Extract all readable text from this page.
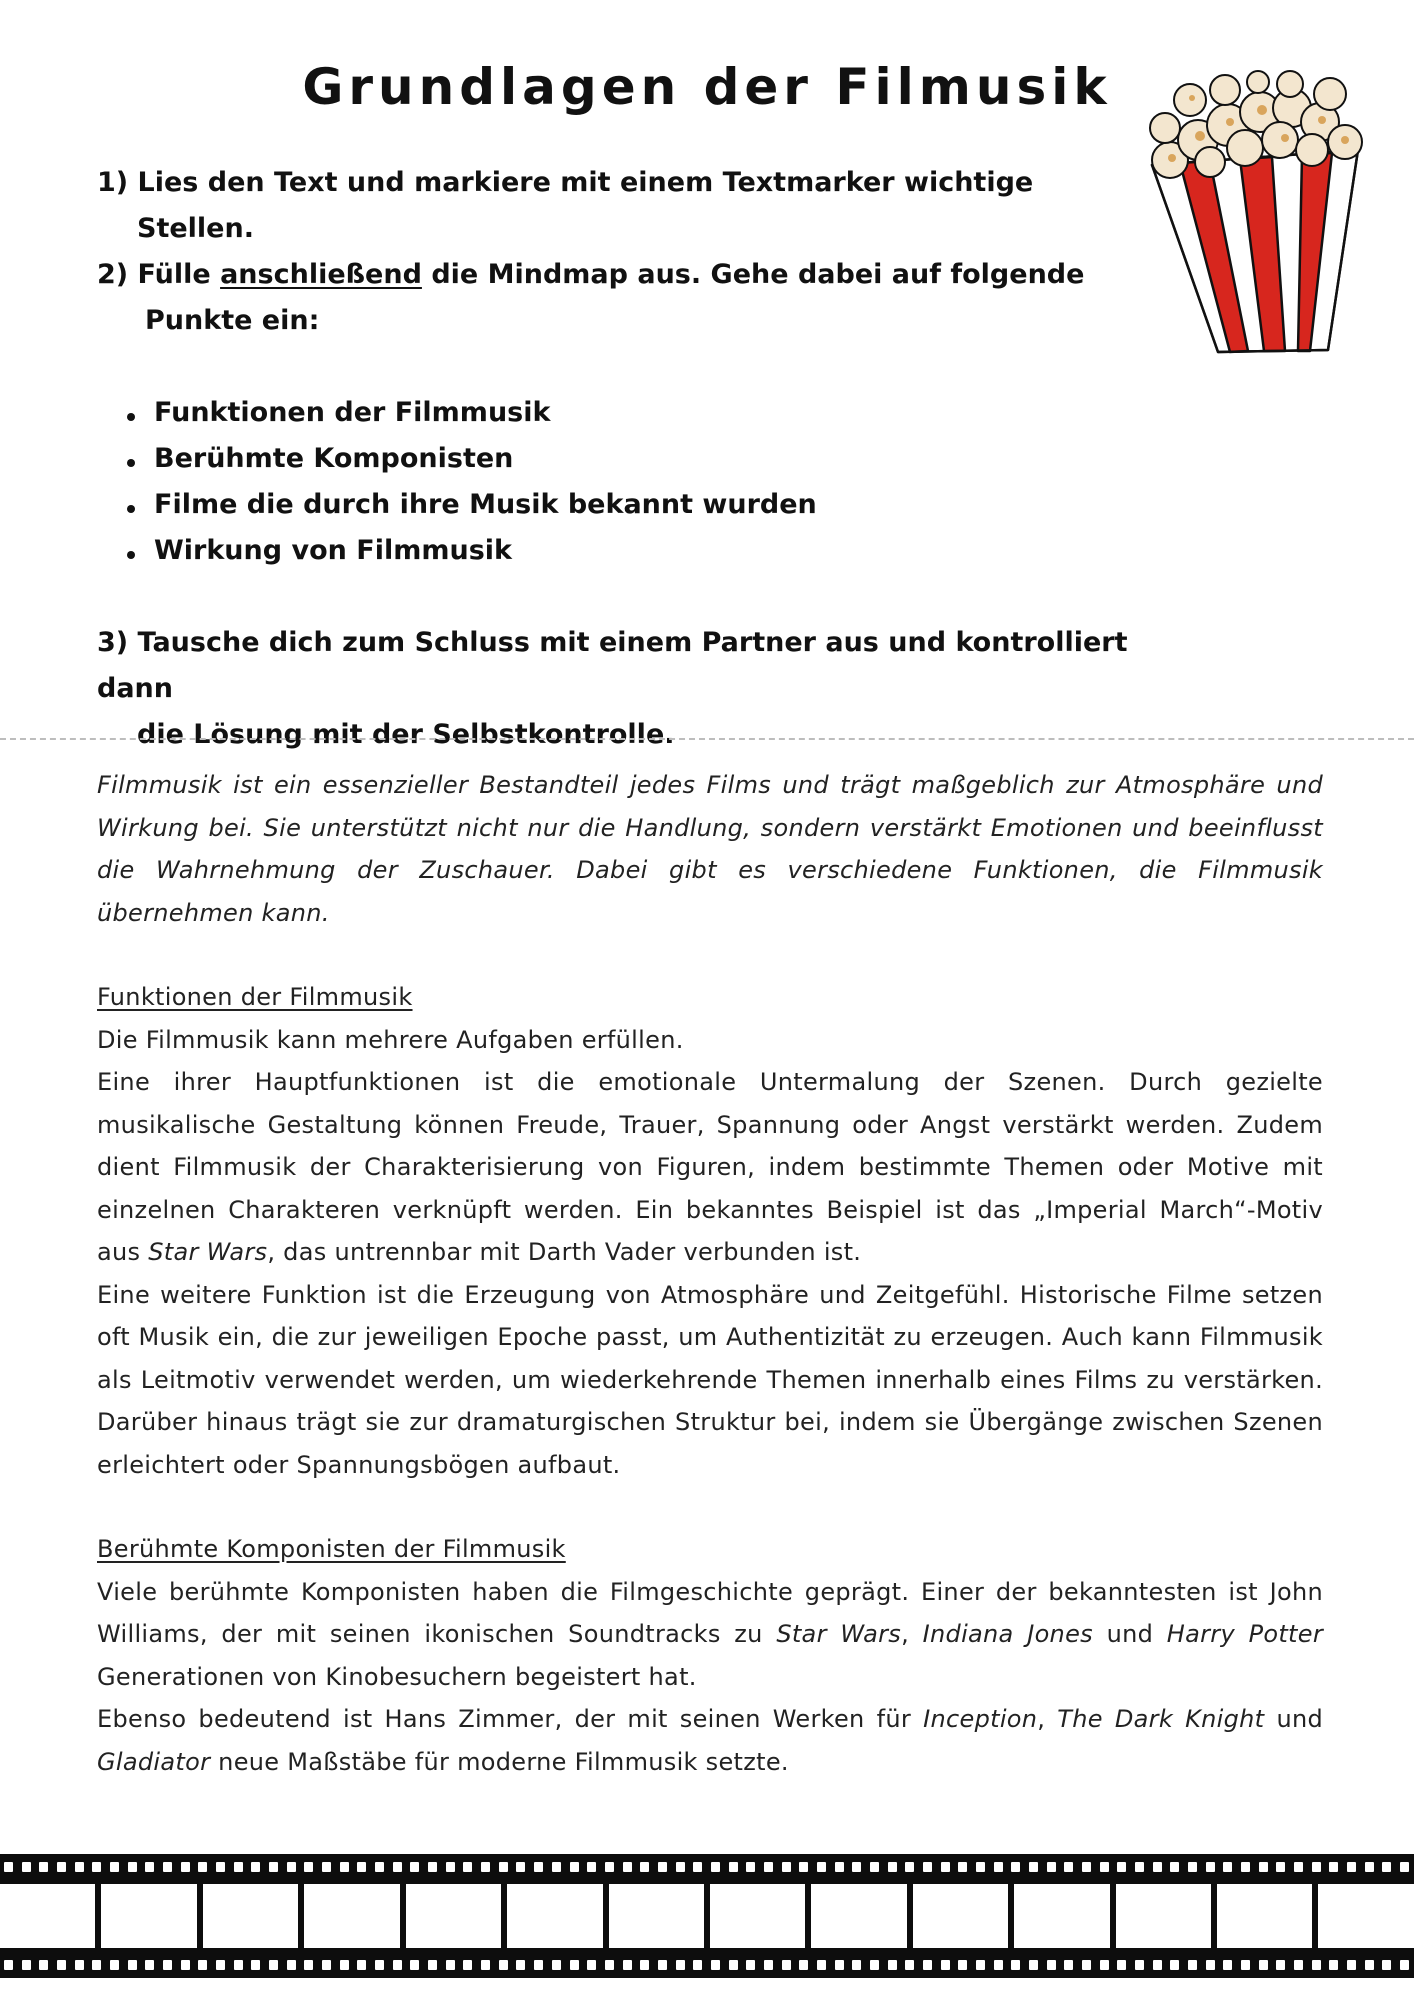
Grundlagen der Filmusik

1) Lies den Text und markiere mit einem Textmarker wichtige

Stellen.

2) Fülle anschließend die Mindmap aus. Gehe dabei auf folgende

Punkte ein:

Funktionen der Filmmusik
Berühmte Komponisten
Filme die durch ihre Musik bekannt wurden
Wirkung von Filmmusik

3) Tausche dich zum Schluss mit einem Partner aus und kontrolliert dann

die Lösung mit der Selbstkontrolle.

Filmmusik ist ein essenzieller Bestandteil jedes Films und trägt maßgeblich zur Atmosphäre und Wirkung bei. Sie unterstützt nicht nur die Handlung, sondern verstärkt Emotionen und beeinflusst die Wahrnehmung der Zuschauer. Dabei gibt es verschiedene Funktionen, die Filmmusik übernehmen kann.

Funktionen der Filmmusik

Die Filmmusik kann mehrere Aufgaben erfüllen.

Eine ihrer Hauptfunktionen ist die emotionale Untermalung der Szenen. Durch gezielte musikalische Gestaltung können Freude, Trauer, Spannung oder Angst verstärkt werden. Zudem dient Filmmusik der Charakterisierung von Figuren, indem bestimmte Themen oder Motive mit einzelnen Charakteren verknüpft werden. Ein bekanntes Beispiel ist das „Imperial March“-Motiv aus Star Wars, das untrennbar mit Darth Vader verbunden ist.

Eine weitere Funktion ist die Erzeugung von Atmosphäre und Zeitgefühl. Historische Filme setzen oft Musik ein, die zur jeweiligen Epoche passt, um Authentizität zu erzeugen. Auch kann Filmmusik als Leitmotiv verwendet werden, um wiederkehrende Themen innerhalb eines Films zu verstärken. Darüber hinaus trägt sie zur dramaturgischen Struktur bei, indem sie Übergänge zwischen Szenen erleichtert oder Spannungsbögen aufbaut.

Berühmte Komponisten der Filmmusik

Viele berühmte Komponisten haben die Filmgeschichte geprägt. Einer der bekanntesten ist John Williams, der mit seinen ikonischen Soundtracks zu Star Wars, Indiana Jones und Harry Potter Generationen von Kinobesuchern begeistert hat.

Ebenso bedeutend ist Hans Zimmer, der mit seinen Werken für Inception, The Dark Knight und Gladiator neue Maßstäbe für moderne Filmmusik setzte.
